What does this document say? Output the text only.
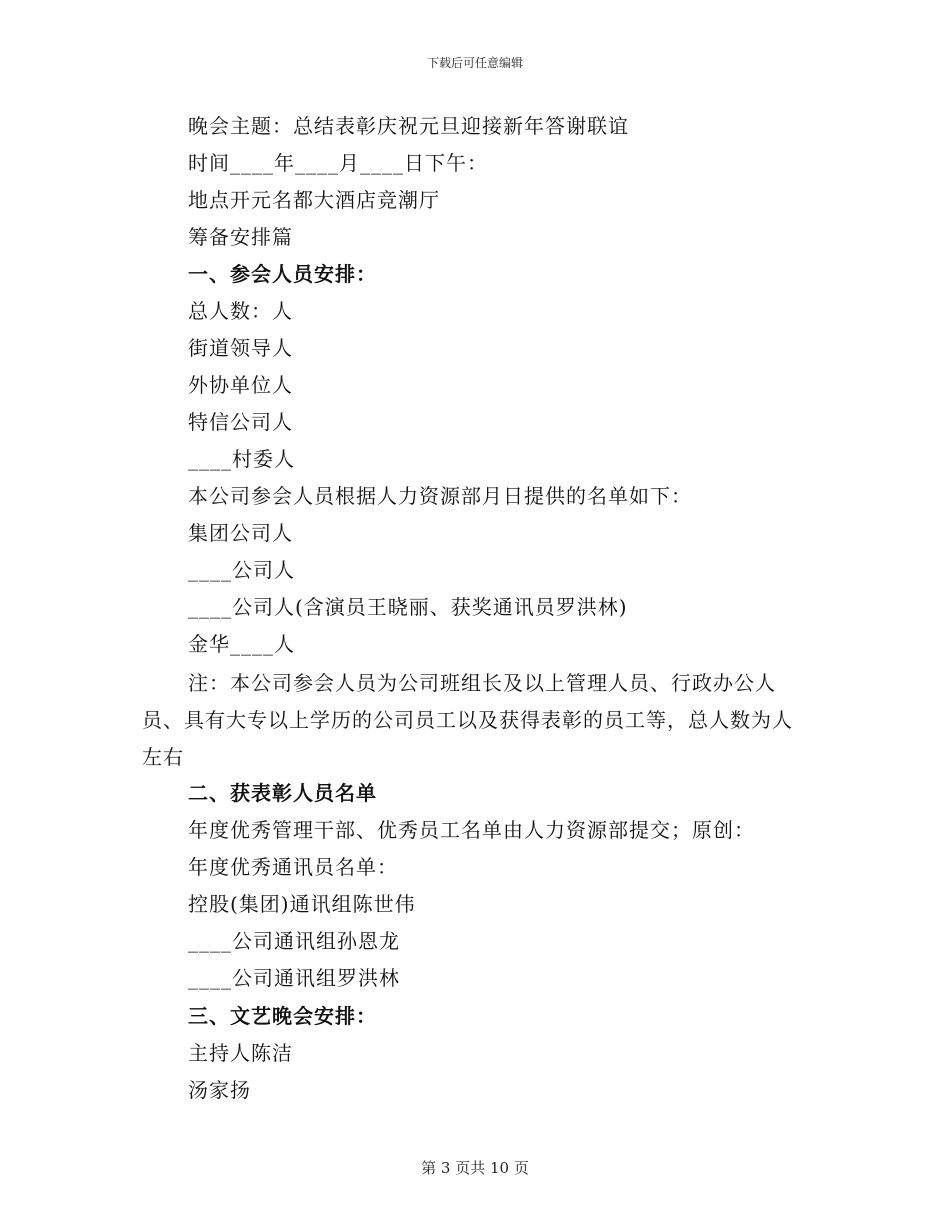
下载后可任意编辑
晚会主题：总结表彰庆祝元旦迎接新年答谢联谊
时间____年____月____日下午：
地点开元名都大酒店竞潮厅
筹备安排篇
一、参会人员安排：
总人数：人
街道领导人
外协单位人
特信公司人
____村委人
本公司参会人员根据人力资源部月日提供的名单如下：
集团公司人
____公司人
____公司人(含演员王晓丽、获奖通讯员罗洪林)
金华____人
注：本公司参会人员为公司班组长及以上管理人员、行政办公人员、具有大专以上学历的公司员工以及获得表彰的员工等，总人数为人左右
二、获表彰人员名单
年度优秀管理干部、优秀员工名单由人力资源部提交；原创：
年度优秀通讯员名单：
控股(集团)通讯组陈世伟
____公司通讯组孙恩龙
____公司通讯组罗洪林
三、文艺晚会安排：
主持人陈洁
汤家扬
第 3 页共 10 页
